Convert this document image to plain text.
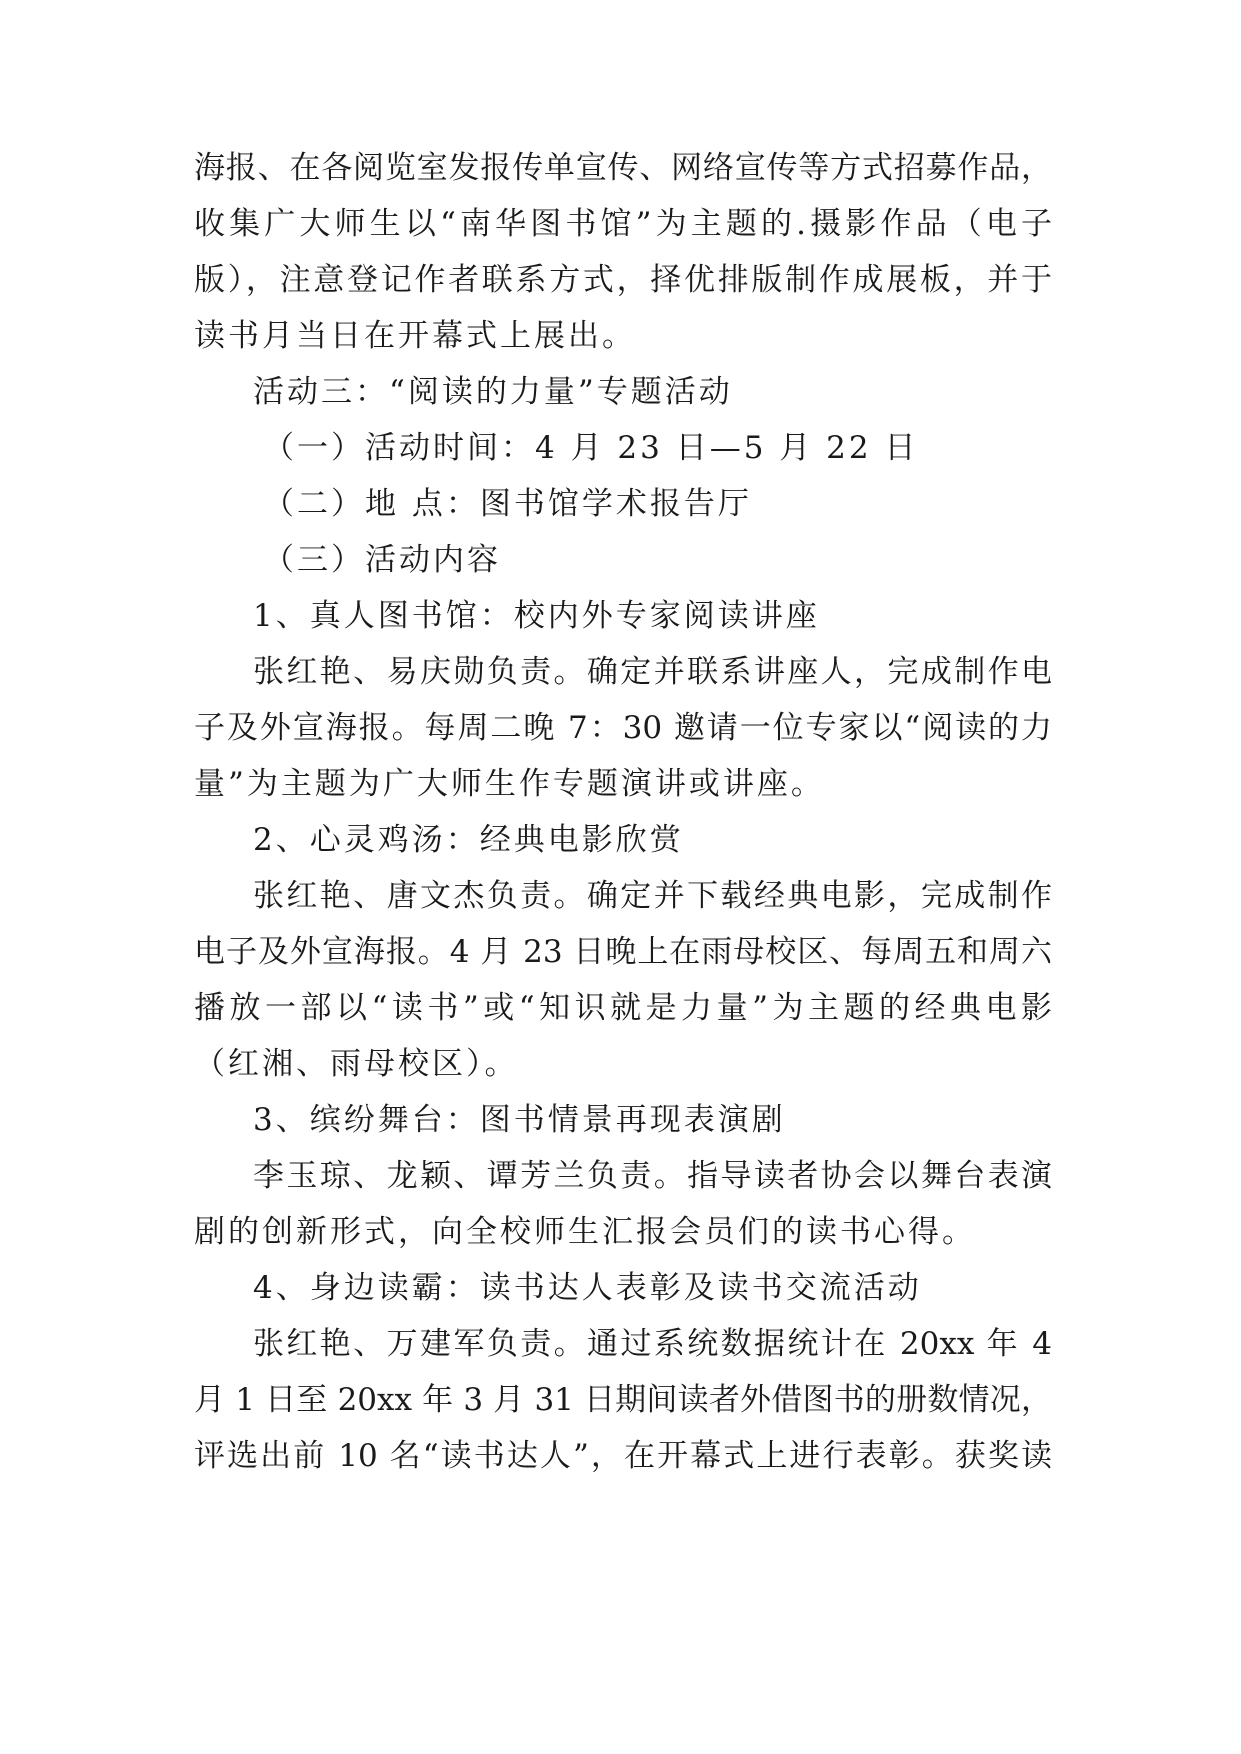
海报、在各阅览室发报传单宣传、网络宣传等方式招募作品，
收集广大师生以“南华图书馆”为主题的.摄影作品（电子
版），注意登记作者联系方式，择优排版制作成展板，并于
读书月当日在开幕式上展出。
活动三：“阅读的力量”专题活动
（一）活动时间：4 月 23 日—5 月 22 日
（二）地 点：图书馆学术报告厅
（三）活动内容
1、真人图书馆：校内外专家阅读讲座
张红艳、易庆勋负责。确定并联系讲座人，完成制作电
子及外宣海报。每周二晚 7：30 邀请一位专家以“阅读的力
量”为主题为广大师生作专题演讲或讲座。
2、心灵鸡汤：经典电影欣赏
张红艳、唐文杰负责。确定并下载经典电影，完成制作
电子及外宣海报。4 月 23 日晚上在雨母校区、每周五和周六
播放一部以“读书”或“知识就是力量”为主题的经典电影
（红湘、雨母校区）。
3、缤纷舞台：图书情景再现表演剧
李玉琼、龙颖、谭芳兰负责。指导读者协会以舞台表演
剧的创新形式，向全校师生汇报会员们的读书心得。
4、身边读霸：读书达人表彰及读书交流活动
张红艳、万建军负责。通过系统数据统计在 20xx 年 4
月 1 日至 20xx 年 3 月 31 日期间读者外借图书的册数情况，
评选出前 10 名“读书达人”，在开幕式上进行表彰。获奖读
